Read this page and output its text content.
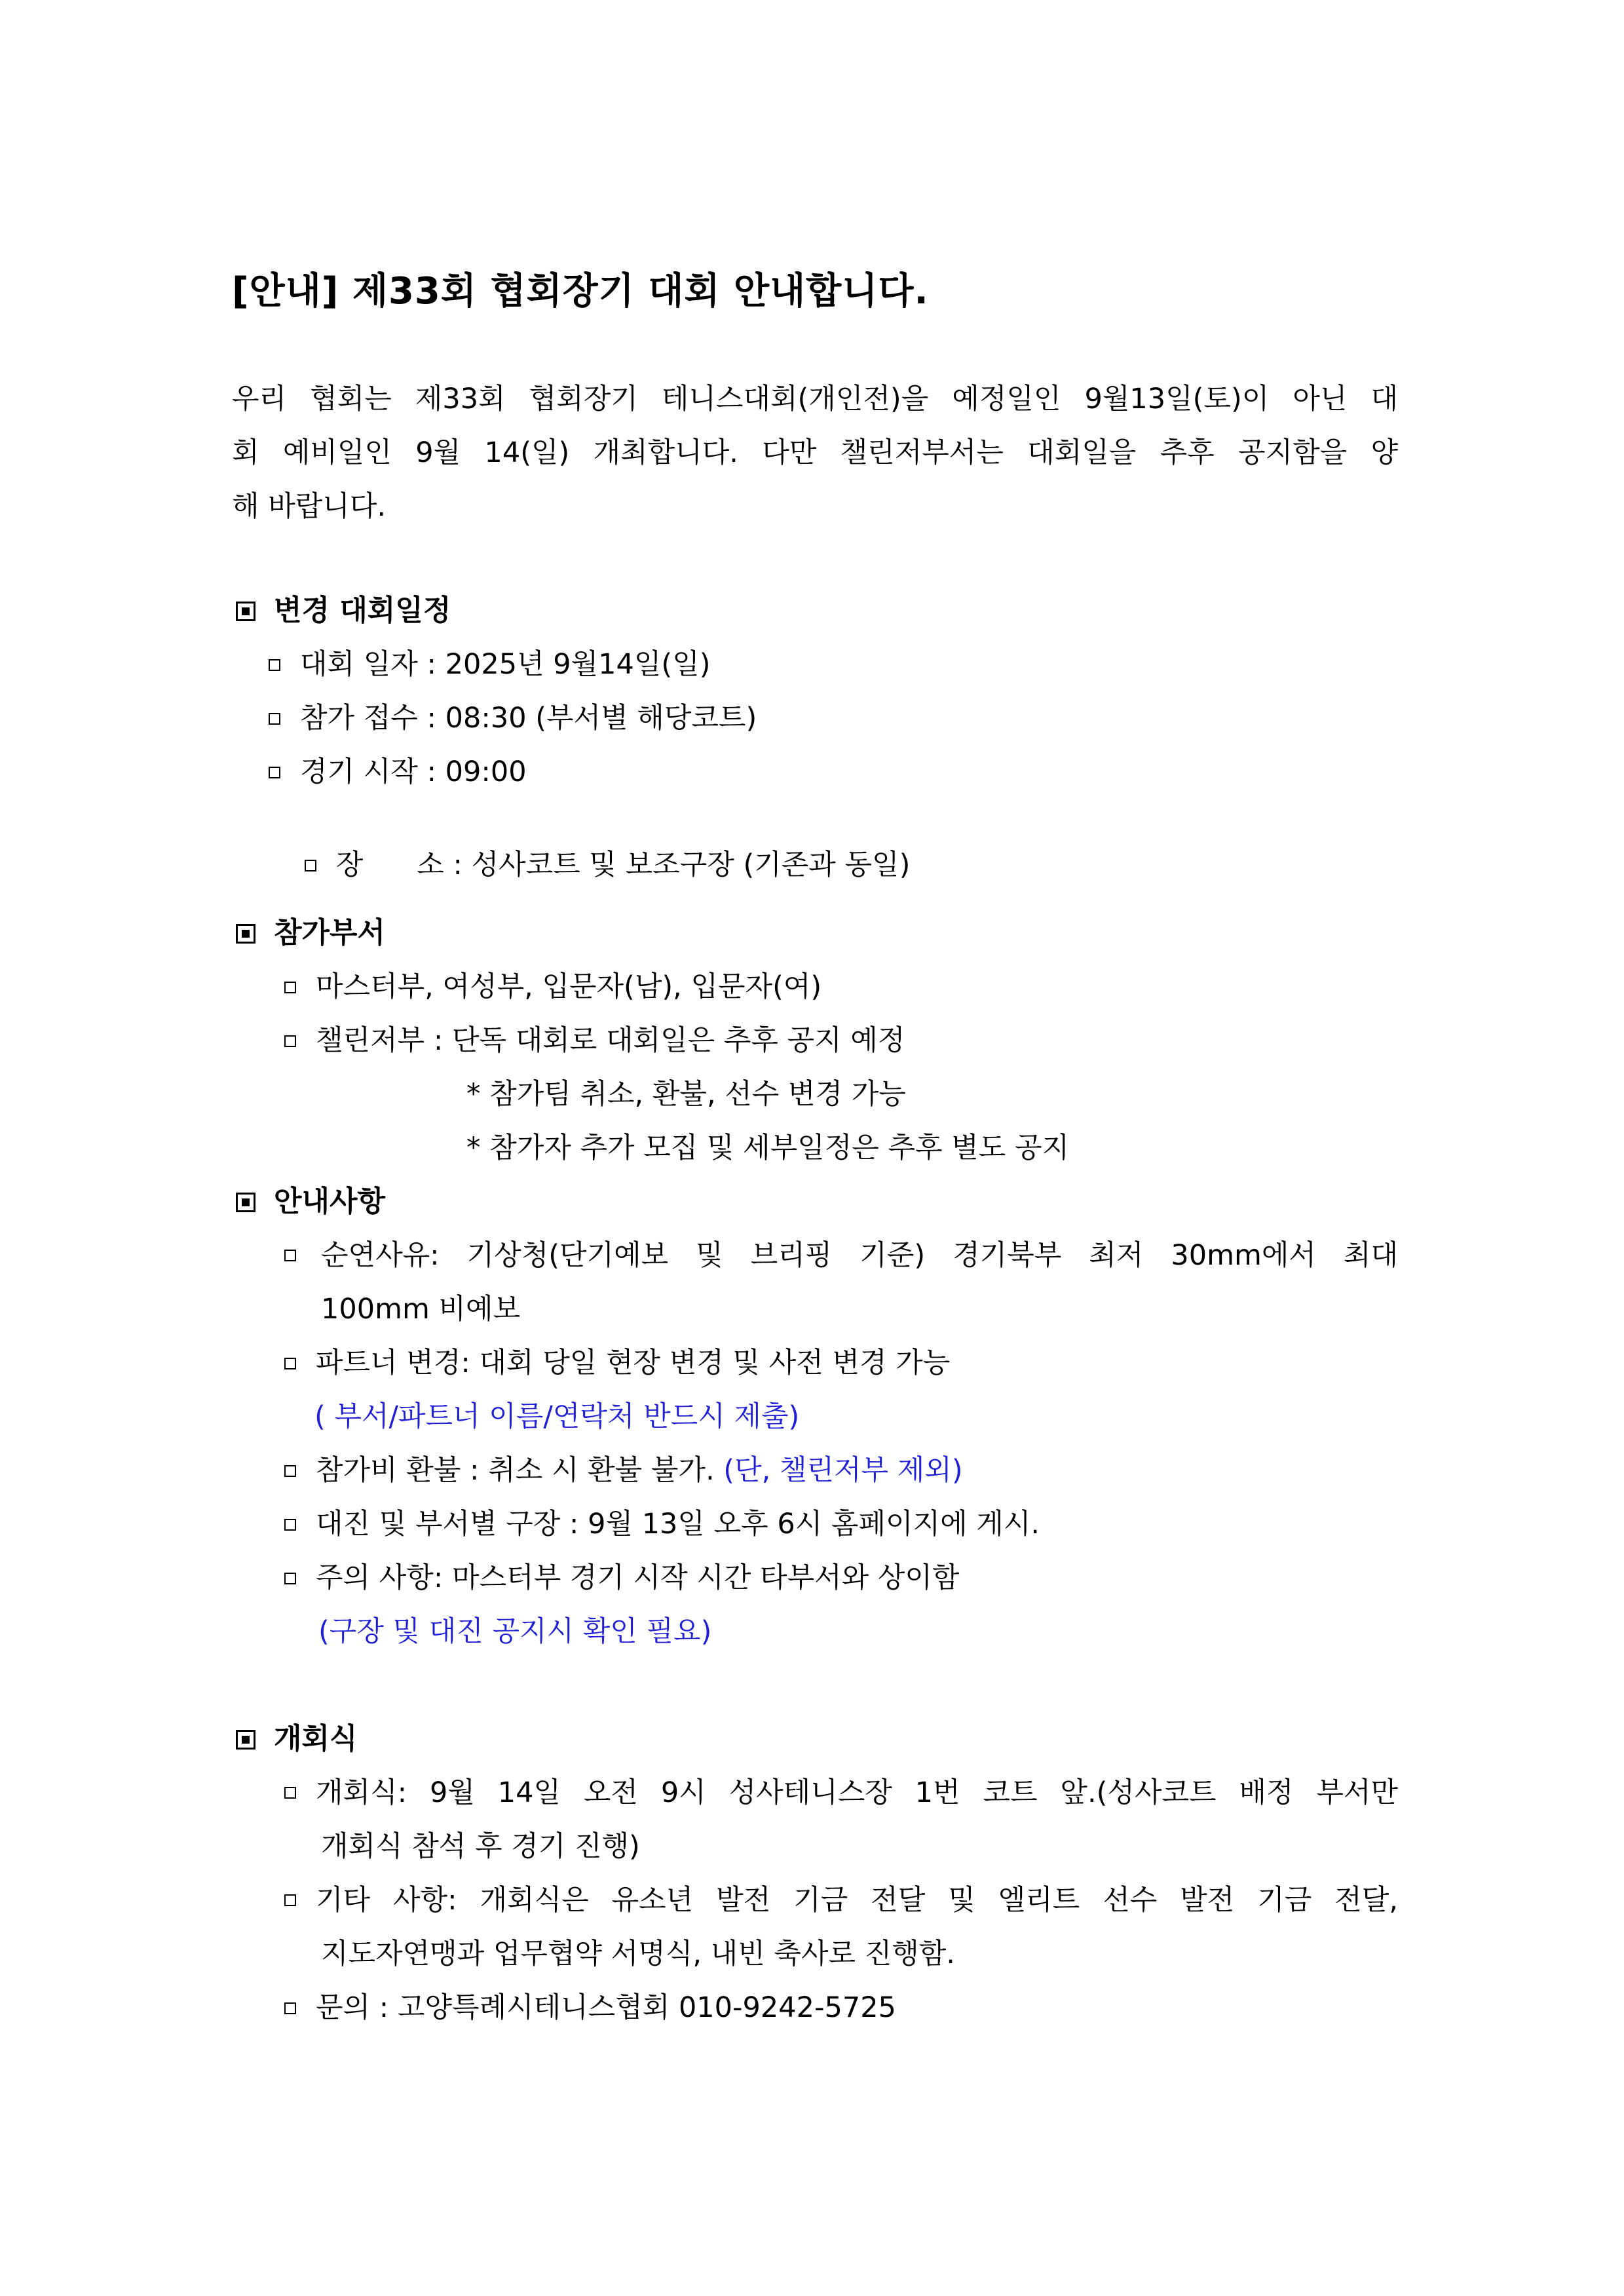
[안내] 제33회 협회장기 대회 안내합니다.
우리 협회는 제33회 협회장기 테니스대회(개인전)을 예정일인 9월13일(토)이 아닌 대
회 예비일인 9월 14(일) 개최합니다. 다만 챌린저부서는 대회일을 추후 공지함을 양
해 바랍니다.
변경 대회일정
대회 일자 : 2025년 9월14일(일)
참가 접수 : 08:30 (부서별 해당코트)
경기 시작 : 09:00

장      소 : 성사코트 및 보조구장 (기존과 동일)

참가부서
마스터부, 여성부, 입문자(남), 입문자(여)
챌린저부 : 단독 대회로 대회일은 추후 공지 예정
* 참가팀 취소, 환불, 선수 변경 가능
* 참가자 추가 모집 및 세부일정은 추후 별도 공지
안내사항
순연사유: 기상청(단기예보 및 브리핑 기준) 경기북부 최저 30mm에서 최대
100mm 비예보
파트너 변경: 대회 당일 현장 변경 및 사전 변경 가능
( 부서/파트너 이름/연락처 반드시 제출)
참가비 환불 : 취소 시 환불 불가. (단, 챌린저부 제외)
대진 및 부서별 구장 : 9월 13일 오후 6시 홈페이지에 게시.
주의 사항: 마스터부 경기 시작 시간 타부서와 상이함
(구장 및 대진 공지시 확인 필요)
개회식
개회식: 9월 14일 오전 9시 성사테니스장 1번 코트 앞.(성사코트 배정 부서만
개회식 참석 후 경기 진행)
기타 사항: 개회식은 유소년 발전 기금 전달 및 엘리트 선수 발전 기금 전달,
지도자연맹과 업무협약 서명식, 내빈 축사로 진행함.
문의 : 고양특례시테니스협회 010-9242-5725
